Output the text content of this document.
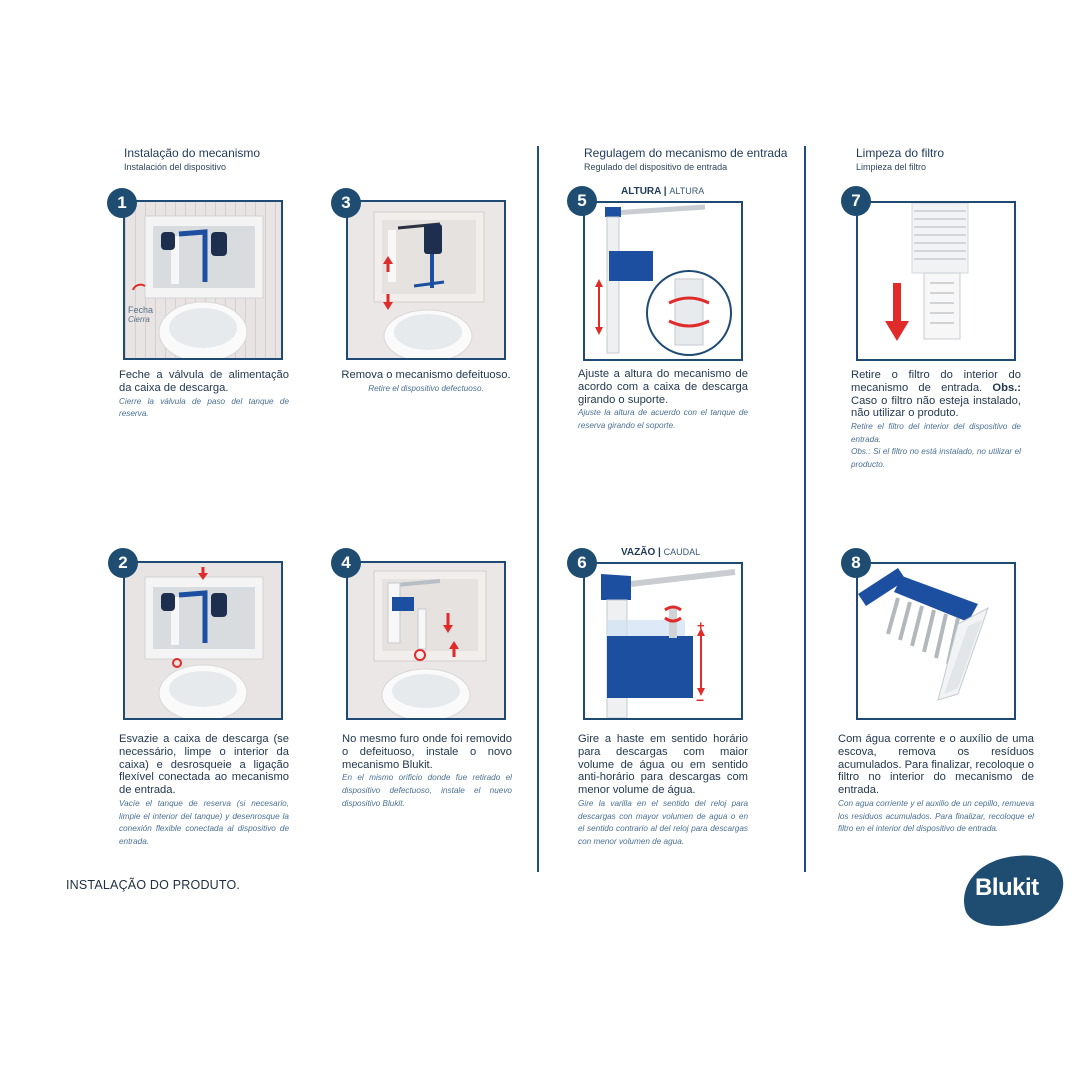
Instalação do mecanismo
Instalación del dispositivo
Regulagem do mecanismo de entrada
Regulado del dispositivo de entrada
Limpeza do filtro
Limpieza del filtro
1
Fecha
Cierra
Feche a válvula de alimentação da caixa de descarga.
Cierre la válvula de paso del tanque de reserva.
3
Remova o mecanismo defeituoso.
Retire el dispositivo defectuoso.
5	ALTURA | ALTURA
Ajuste a altura do mecanismo de acordo com a caixa de descarga girando o suporte.
Ajuste la altura de acuerdo con el tanque de reserva girando el soporte.
7
Retire o filtro do interior do mecanismo de entrada. Obs.: Caso o filtro não esteja instalado, não utilizar o produto.
Retire el filtro del interior del dispositivo de entrada.
Obs.: Si el filtro no está instalado, no utilizar el producto.
2
Esvazie a caixa de descarga (se necessário, limpe o interior da caixa) e desrosqueie a ligação flexível conectada ao mecanismo de entrada.
Vacíe el tanque de reserva (si necesario, limpie el interior del tanque) y desenrosque la conexión flexible conectada al dispositivo de entrada.
4
No mesmo furo onde foi removido o defeituoso, instale o novo mecanismo Blukit.
En el mismo orificio donde fue retirado el dispositivo defectuoso, instale el nuevo dispositivo Blukit.
6
VAZÃO | CAUDAL
+
−
Gire a haste em sentido horário para descargas com maior volume de água ou em sentido anti-horário para descargas com menor volume de água.
Gire la varilla en el sentido del reloj para descargas con mayor volumen de agua o en el sentido contrario al del reloj para descargas con menor volumen de agua.
8
Com água corrente e o auxílio de uma escova, remova os resíduos acumulados. Para finalizar, recoloque o filtro no interior do mecanismo de entrada.
Con agua corriente y el auxilio de un cepillo, remueva los residuos acumulados. Para finalizar, recoloque el filtro en el interior del dispositivo de entrada.
INSTALAÇÃO DO PRODUTO.	Blukit
